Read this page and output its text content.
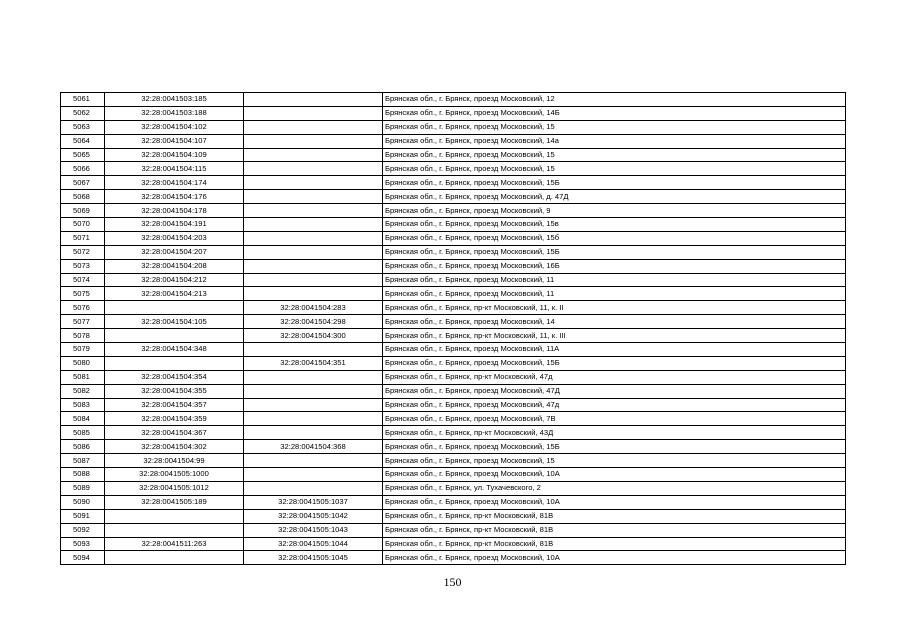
5061	32:28:0041503:185		Брянская обл., г. Брянск, проезд Московский, 12
5062	32:28:0041503:188		Брянская обл., г. Брянск, проезд Московский, 14Б
5063	32:28:0041504:102		Брянская обл., г. Брянск, проезд Московский, 15
5064	32:28:0041504:107		Брянская обл., г. Брянск, проезд Московский, 14а
5065	32:28:0041504:109		Брянская обл., г. Брянск, проезд Московский, 15
5066	32:28:0041504:115		Брянская обл., г. Брянск, проезд Московский, 15
5067	32:28:0041504:174		Брянская обл., г. Брянск, проезд Московский, 15Б
5068	32:28:0041504:176		Брянская обл., г. Брянск, проезд Московский, д. 47Д
5069	32:28:0041504:178		Брянская обл., г. Брянск, проезд Московский, 9
5070	32:28:0041504:191		Брянская обл., г. Брянск, проезд Московский, 15в
5071	32:28:0041504:203		Брянская обл., г. Брянск, проезд Московский, 15б
5072	32:28:0041504:207		Брянская обл., г. Брянск, проезд Московский, 15Б
5073	32:28:0041504:208		Брянская обл., г. Брянск, проезд Московский, 16Б
5074	32:28:0041504:212		Брянская обл., г. Брянск, проезд Московский, 11
5075	32:28:0041504:213		Брянская обл., г. Брянск, проезд Московский, 11
5076		32:28:0041504:283	Брянская обл., г. Брянск, пр-кт Московский, 11, к. II
5077	32:28:0041504:105	32:28:0041504:298	Брянская обл., г. Брянск, проезд Московский, 14
5078		32:28:0041504:300	Брянская обл., г. Брянск, пр-кт Московский, 11, к. III
5079	32:28:0041504:348		Брянская обл., г. Брянск, проезд Московский, 11А
5080		32:28:0041504:351	Брянская обл., г. Брянск, проезд Московский, 15Б
5081	32:28:0041504:354		Брянская обл., г. Брянск, пр-кт Московский, 47д
5082	32:28:0041504:355		Брянская обл., г. Брянск, проезд Московский, 47Д
5083	32:28:0041504:357		Брянская обл., г. Брянск, проезд Московский, 47д
5084	32:28:0041504:359		Брянская обл., г. Брянск, проезд Московский, 7В
5085	32:28:0041504:367		Брянская обл., г. Брянск, пр-кт Московский, 43Д
5086	32:28:0041504:302	32:28:0041504:368	Брянская обл., г. Брянск, проезд Московский, 15Б
5087	32:28:0041504:99		Брянская обл., г. Брянск, проезд Московский, 15
5088	32:28:0041505:1000		Брянская обл., г. Брянск, проезд Московский, 10А
5089	32:28:0041505:1012		Брянская обл., г. Брянск, ул. Тухачевского, 2
5090	32:28:0041505:189	32:28:0041505:1037	Брянская обл., г. Брянск, проезд Московский, 10А
5091		32:28:0041505:1042	Брянская обл., г. Брянск, пр-кт Московский, 81В
5092		32:28:0041505:1043	Брянская обл., г. Брянск, пр-кт Московский, 81В
5093	32:28:0041511:263	32:28:0041505:1044	Брянская обл., г. Брянск, пр-кт Московский, 81В
5094		32:28:0041505:1045	Брянская обл., г. Брянск, проезд Московский, 10А
150
